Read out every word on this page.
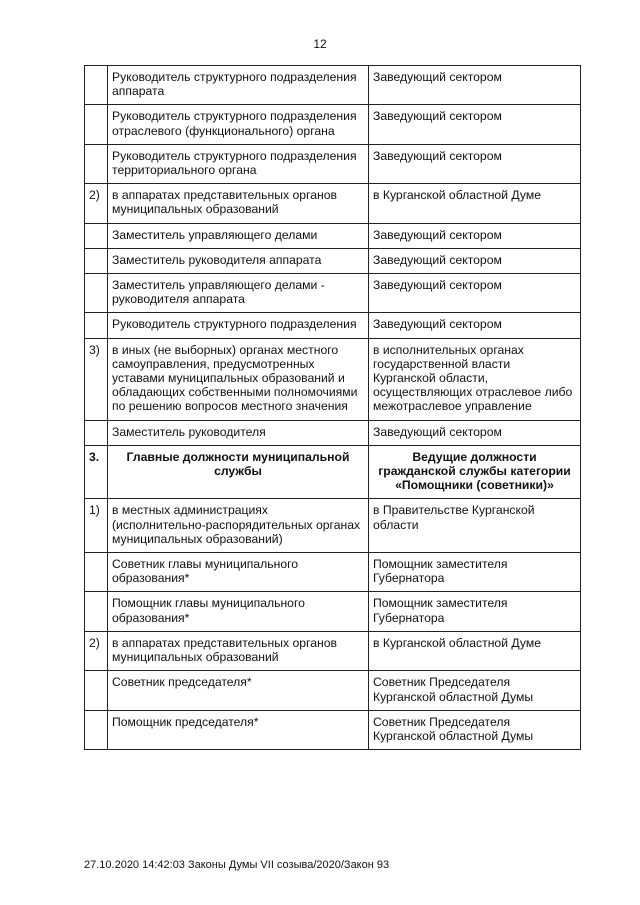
12
	Руководитель структурного подразделения аппарата	Заведующий сектором
	Руководитель структурного подразделения отраслевого (функционального) органа	Заведующий сектором
	Руководитель структурного подразделения территориального органа	Заведующий сектором
2)	в аппаратах представительных органов муниципальных образований	в Курганской областной Думе
	Заместитель управляющего делами	Заведующий сектором
	Заместитель руководителя аппарата	Заведующий сектором
	Заместитель управляющего делами - руководителя аппарата	Заведующий сектором
	Руководитель структурного подразделения	Заведующий сектором
3)	в иных (не выборных) органах местного самоуправления, предусмотренных уставами муниципальных образований и обладающих собственными полномочиями по решению вопросов местного значения	в исполнительных органах государственной власти Курганской области, осуществляющих отраслевое либо межотраслевое управление
	Заместитель руководителя	Заведующий сектором
3.	Главные должности муниципальной службы	Ведущие должности гражданской службы категории «Помощники (советники)»
1)	в местных администрациях (исполнительно-распорядительных органах муниципальных образований)	в Правительстве Курганской области
	Советник главы муниципального образования*	Помощник заместителя Губернатора
	Помощник главы муниципального образования*	Помощник заместителя Губернатора
2)	в аппаратах представительных органов муниципальных образований	в Курганской областной Думе
	Советник председателя*	Советник Председателя Курганской областной Думы
	Помощник председателя*	Советник Председателя Курганской областной Думы
27.10.2020 14:42:03 Законы Думы VII созыва/2020/Закон 93
